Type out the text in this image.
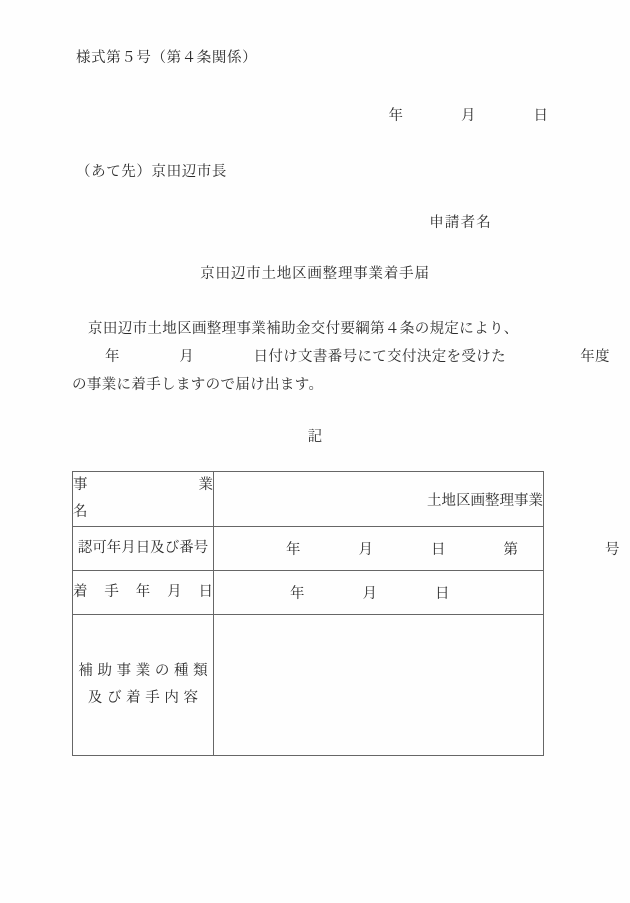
様式第５号（第４条関係）
年　　　　月　　　　日
（あて先）京田辺市長
申請者名
京田辺市土地区画整理事業着手届
京田辺市土地区画整理事業補助金交付要綱第４条の規定により、
年　　　　月　　　　日付け文書番号にて交付決定を受けた　　　　　年度
の事業に着手しますので届け出ます。
記
事　　　　業　　　　名	土地区画整理事業
認可年月日及び番号	年　　　　月　　　　日　　　　第　　　　　　号

着　手　年　月　日	年　　　　月　　　　日

補 助 事 業 の 種 類
及 び 着 手 内 容	
